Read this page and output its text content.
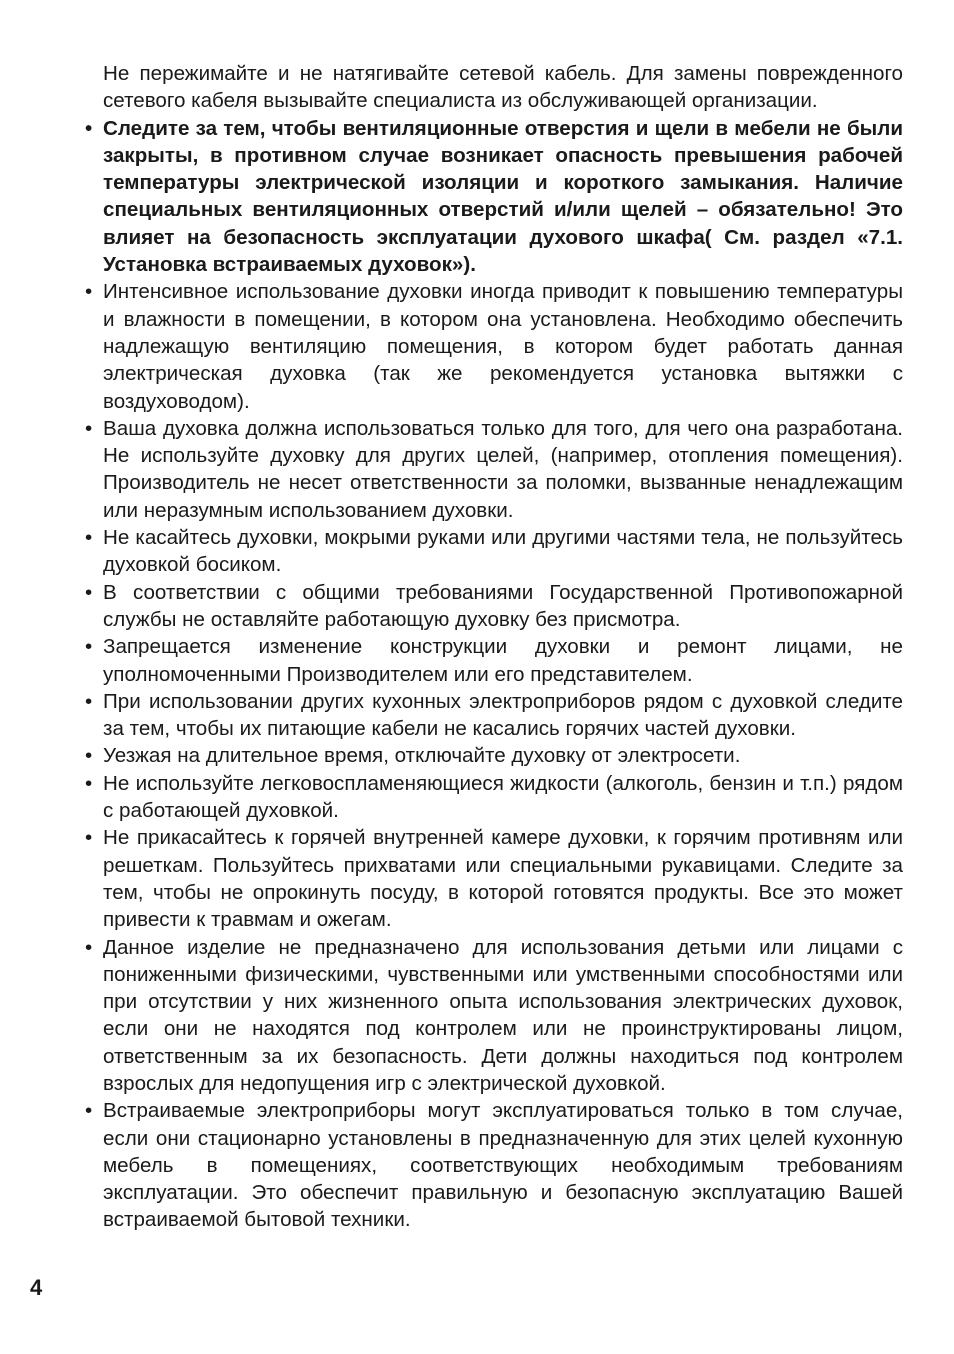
Не пережимайте и не натягивайте сетевой кабель. Для замены поврежденного сетевого кабеля вызывайте специалиста из обслуживающей организации.

• Следите за тем, чтобы вентиляционные отверстия и щели в мебели не были закрыты, в противном случае возникает опасность превышения рабочей температуры электрической изоляции и короткого замыкания. Наличие специальных вентиляционных отверстий и/или щелей – обязательно! Это влияет на безопасность эксплуатации духового шкафа( См. раздел «7.1. Установка встраиваемых духовок»).
• Интенсивное использование духовки иногда приводит к повышению температуры и влажности в помещении, в котором она установлена. Необходимо обеспечить надлежащую вентиляцию помещения, в котором будет работать данная электрическая духовка (так же рекомендуется установка вытяжки с воздуховодом).
• Ваша духовка должна использоваться только для того, для чего она разработана. Не используйте духовку для других целей, (например, отопления помещения). Производитель не несет ответственности за поломки, вызванные ненадлежащим или неразумным использованием духовки.
• Не касайтесь духовки, мокрыми руками или другими частями тела, не пользуйтесь духовкой босиком.
• В соответствии с общими требованиями Государственной Противопожарной службы не оставляйте работающую духовку без присмотра.
• Запрещается изменение конструкции духовки и ремонт лицами, не уполномоченными Производителем или его представителем.
• При использовании других кухонных электроприборов рядом с духовкой следите за тем, чтобы их питающие кабели не касались горячих частей духовки.
• Уезжая на длительное время, отключайте духовку от электросети.
• Не используйте легковоспламеняющиеся жидкости (алкоголь, бензин и т.п.) рядом с работающей духовкой.
• Не прикасайтесь к горячей внутренней камере духовки, к горячим противням или решеткам. Пользуйтесь прихватами или специальными рукавицами. Следите за тем, чтобы не опрокинуть посуду, в которой готовятся продукты. Все это может привести к травмам и ожегам.
• Данное изделие не предназначено для использования детьми или лицами с пониженными физическими, чувственными или умственными способностями или при отсутствии у них жизненного опыта использования электрических духовок, если они не находятся под контролем или не проинструктированы лицом, ответственным за их безопасность. Дети должны находиться под контролем взрослых для недопущения игр с электрической духовкой.
• Встраиваемые электроприборы могут эксплуатироваться только в том случае, если они стационарно установлены в предназначенную для этих целей кухонную мебель в помещениях, соответствующих необходимым требованиям эксплуатации. Это обеспечит правильную и безопасную эксплуатацию Вашей встраиваемой бытовой техники.
4
